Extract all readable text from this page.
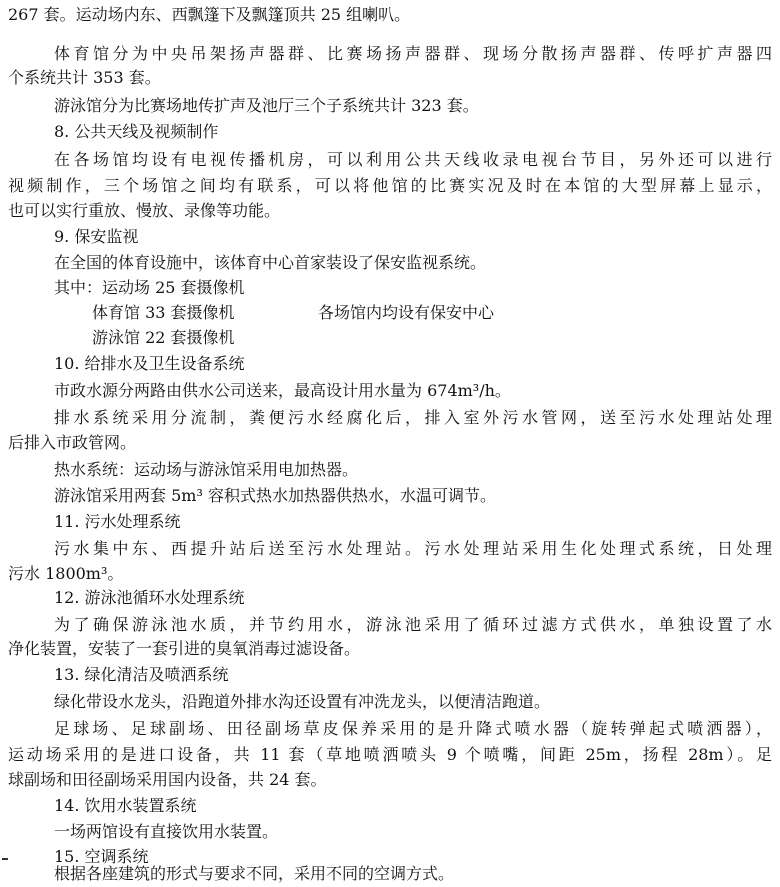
267 套。运动场内东、西飘篷下及飘篷顶共 25 组喇叭。
体育馆分为中央吊架扬声器群、比赛场扬声器群、现场分散扬声器群、传呼扩声器四
个系统共计 353 套。
游泳馆分为比赛场地传扩声及池厅三个子系统共计 323 套。
8. 公共天线及视频制作
在各场馆均设有电视传播机房，可以利用公共天线收录电视台节目，另外还可以进行
视频制作，三个场馆之间均有联系，可以将他馆的比赛实况及时在本馆的大型屏幕上显示，
也可以实行重放、慢放、录像等功能。
9. 保安监视
在全国的体育设施中，该体育中心首家装设了保安监视系统。
其中：运动场 25 套摄像机
体育馆 33 套摄像机	各场馆内均设有保安中心
游泳馆 22 套摄像机
10. 给排水及卫生设备系统
市政水源分两路由供水公司送来，最高设计用水量为 674m³/h。
排水系统采用分流制，粪便污水经腐化后，排入室外污水管网，送至污水处理站处理
后排入市政管网。
热水系统：运动场与游泳馆采用电加热器。
游泳馆采用两套 5m³ 容积式热水加热器供热水，水温可调节。
11. 污水处理系统
污水集中东、西提升站后送至污水处理站。污水处理站采用生化处理式系统，日处理
污水 1800m³。
12. 游泳池循环水处理系统
为了确保游泳池水质，并节约用水，游泳池采用了循环过滤方式供水，单独设置了水
净化装置，安装了一套引进的臭氧消毒过滤设备。
13. 绿化清洁及喷洒系统
绿化带设水龙头，沿跑道外排水沟还设置有冲洗龙头，以便清洁跑道。
足球场、足球副场、田径副场草皮保养采用的是升降式喷水器（旋转弹起式喷洒器），
运动场采用的是进口设备，共 11 套（草地喷洒喷头 9 个喷嘴，间距 25m，扬程 28m）。足
球副场和田径副场采用国内设备，共 24 套。
14. 饮用水装置系统
一场两馆设有直接饮用水装置。
15. 空调系统
根据各座建筑的形式与要求不同，采用不同的空调方式。
